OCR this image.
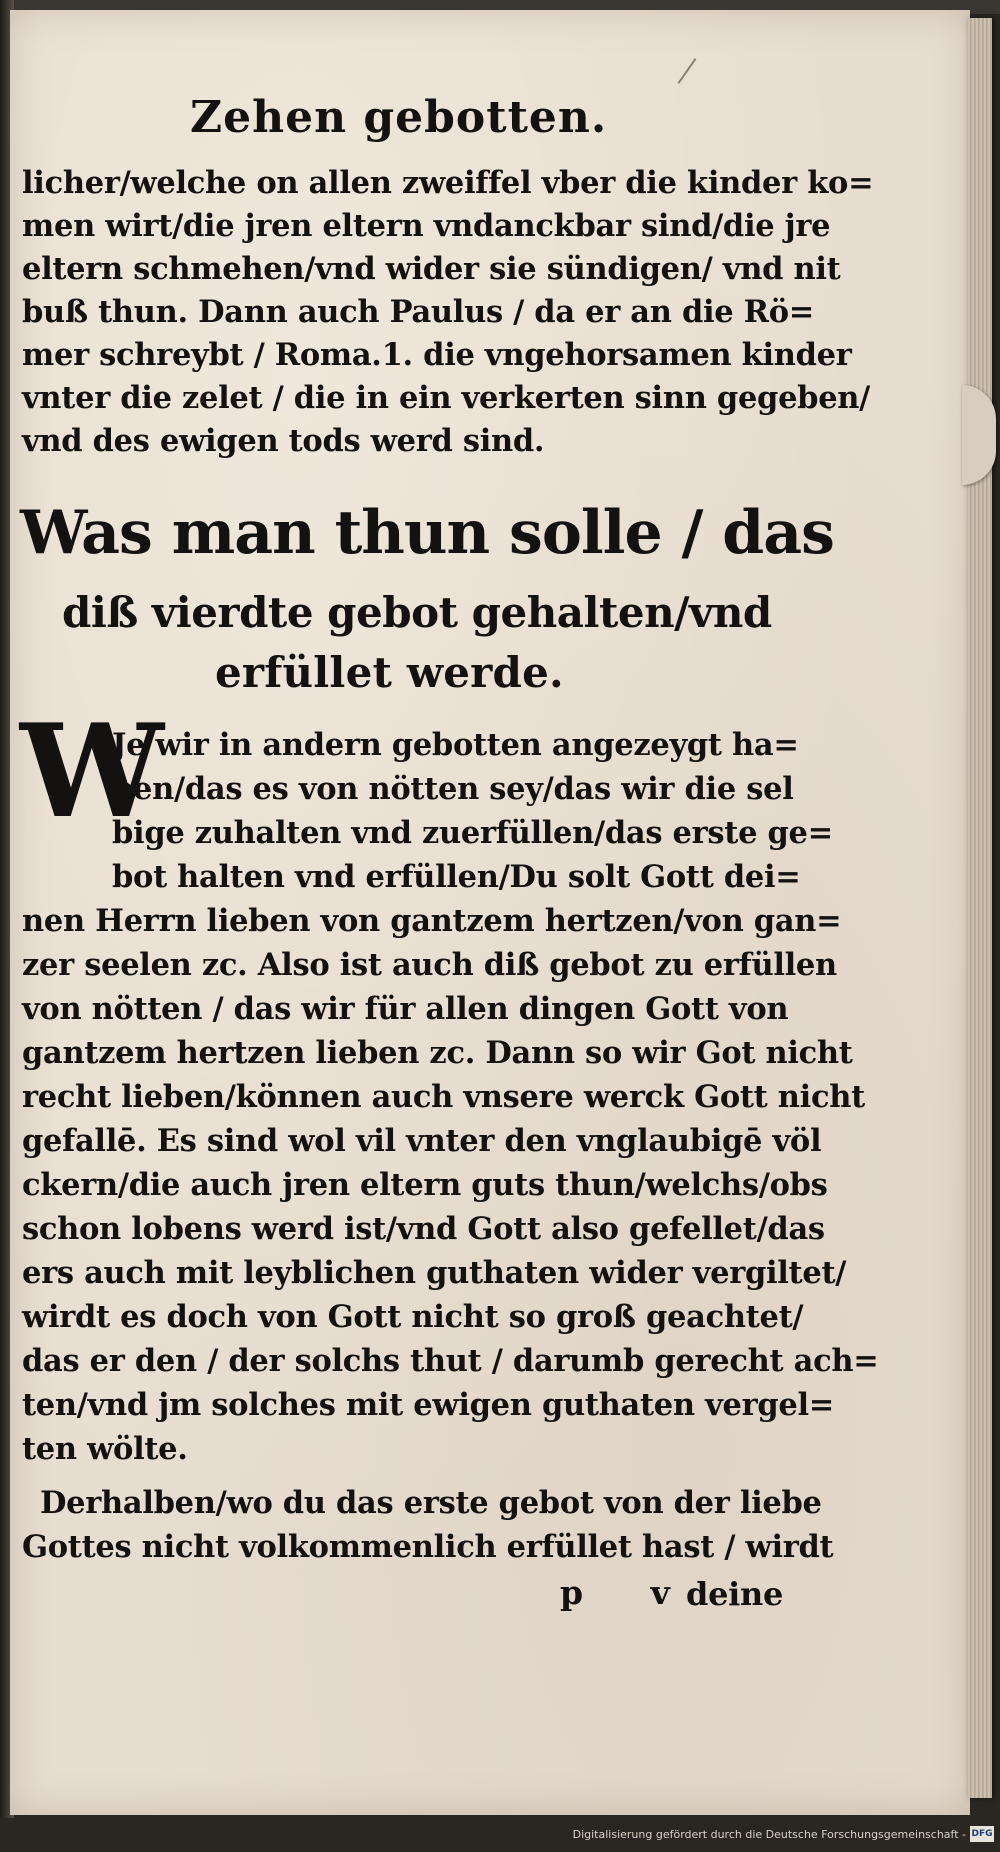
Zehen gebotten.
licher/welche on allen zweiffel vber die kinder ko=
men wirt/die jren eltern vndanckbar sind/die jre
eltern schmehen/vnd wider sie sündigen/ vnd nit
buß thun. Dann auch Paulus / da er an die Rö=
mer schreybt / Roma.1. die vngehorsamen kinder
vnter die zelet / die in ein verkerten sinn gegeben/
vnd des ewigen tods werd sind.
Was man thun solle / das
diß vierdte gebot gehalten/vnd
erfüllet werde.
W
Je wir in andern gebotten angezeygt ha=
ben/das es von nötten sey/das wir die sel
bige zuhalten vnd zuerfüllen/das erste ge=
bot halten vnd erfüllen/Du solt Gott dei=
nen Herrn lieben von gantzem hertzen/von gan=
zer seelen zc. Also ist auch diß gebot zu erfüllen
von nötten / das wir für allen dingen Gott von
gantzem hertzen lieben zc. Dann so wir Got nicht
recht lieben/können auch vnsere werck Gott nicht
gefallē. Es sind wol vil vnter den vnglaubigē völ
ckern/die auch jren eltern guts thun/welchs/obs
schon lobens werd ist/vnd Gott also gefellet/das
ers auch mit leyblichen guthaten wider vergiltet/
wirdt es doch von Gott nicht so groß geachtet/
das er den / der solchs thut / darumb gerecht ach=
ten/vnd jm solches mit ewigen guthaten vergel=
ten wölte.
Derhalben/wo du das erste gebot von der liebe
Gottes nicht volkommenlich erfüllet hast / wirdt
p v
deine
Digitalisierung gefördert durch die Deutsche Forschungsgemeinschaft - DFG
